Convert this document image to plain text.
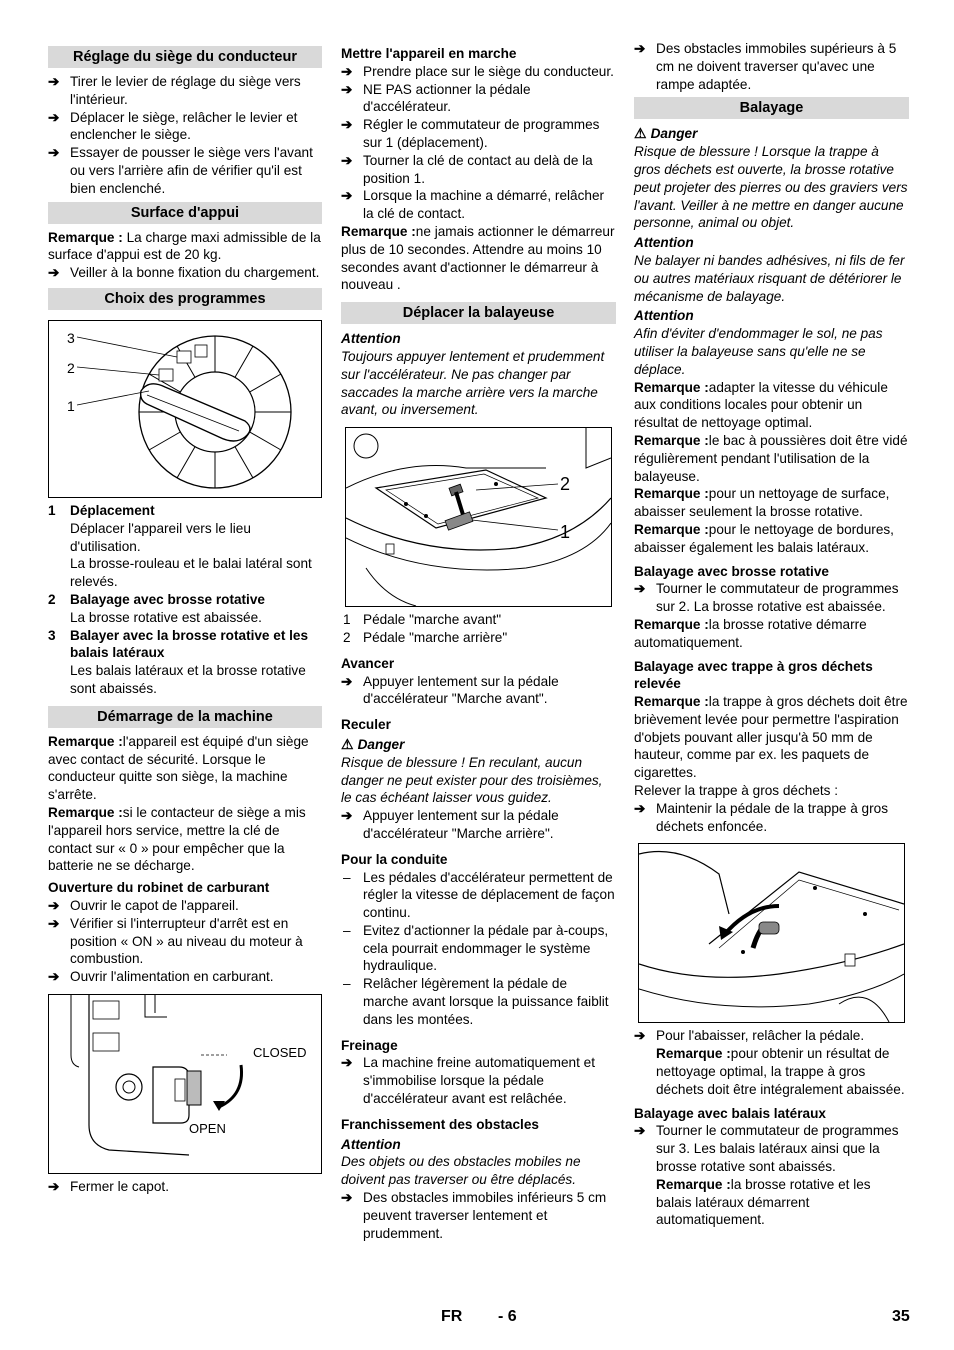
Réglage du siège du conducteur
➔ Tirer le levier de réglage du siège vers l'intérieur.
➔ Déplacer le siège, relâcher le levier et enclencher le siège.
➔ Essayer de pousser le siège vers l'avant ou vers l'arrière afin de vérifier qu'il est bien enclenché.
Surface d'appui

Remarque : La charge maxi admissible de la surface d'appui est de 20 kg.

➔ Veiller à la bonne fixation du chargement.
Choix des programmes
3
2
1
1 Déplacement

Déplacer l'appareil vers le lieu d'utilisation.

La brosse-rouleau et le balai latéral sont relevés.

2 Balayage avec brosse rotative

La brosse rotative est abaissée.

3 Balayer avec la brosse rotative et les balais latéraux

Les balais latéraux et la brosse rotative sont abaissés.

Démarrage de la machine

Remarque :l'appareil est équipé d'un siège avec contact de sécurité. Lorsque le conducteur quitte son siège, la machine s'arrête.

Remarque :si le contacteur de siège a mis l'appareil hors service, mettre la clé de contact sur « 0 » pour empêcher que la batterie ne se décharge.

Ouverture du robinet de carburant

➔ Ouvrir le capot de l'appareil.
➔ Vérifier si l'interrupteur d'arrêt est en position « ON » au niveau du moteur à combustion.
➔ Ouvrir l'alimentation en carburant.
CLOSED
OPEN
➔ Fermer le capot.

Mettre l'appareil en marche

➔ Prendre place sur le siège du conducteur.
➔ NE PAS actionner la pédale d'accélérateur.
➔ Régler le commutateur de programmes sur 1 (déplacement).
➔ Tourner la clé de contact au delà de la position 1.
➔ Lorsque la machine a démarré, relâcher la clé de contact.

Remarque :ne jamais actionner le démarreur plus de 10 secondes. Attendre au moins 10 secondes avant d'actionner le démarreur à nouveau .

Déplacer la balayeuse

Attention

Toujours appuyer lentement et prudemment sur l'accélérateur. Ne pas changer par saccades la marche arrière vers la marche avant, ou inversement.

2
1
1 Pédale "marche avant"
2 Pédale "marche arrière"

Avancer

➔ Appuyer lentement sur la pédale d'accélérateur "Marche avant".

Reculer

⚠ Danger

Risque de blessure ! En reculant, aucun danger ne peut exister pour des troisièmes, le cas échéant laisser vous guidez.

➔ Appuyer lentement sur la pédale d'accélérateur "Marche arrière".

Pour la conduite

– Les pédales d'accélérateur permettent de régler la vitesse de déplacement de façon continu.
– Evitez d'actionner la pédale par à-coups, cela pourrait endommager le système hydraulique.
– Relâcher légèrement la pédale de marche avant lorsque la puissance faiblit dans les montées.

Freinage

➔ La machine freine automatiquement et s'immobilise lorsque la pédale d'accélérateur avant est relâchée.

Franchissement des obstacles

Attention

Des objets ou des obstacles mobiles ne doivent pas traverser ou être déplacés.

➔ Des obstacles immobiles inférieurs 5 cm peuvent traverser lentement et prudemment.
➔ Des obstacles immobiles supérieurs à 5 cm ne doivent traverser qu'avec une rampe adaptée.
Balayage

⚠ Danger

Risque de blessure ! Lorsque la trappe à gros déchets est ouverte, la brosse rotative peut projeter des pierres ou des graviers vers l'avant. Veiller à ne mettre en danger aucune personne, animal ou objet.

Attention

Ne balayer ni bandes adhésives, ni fils de fer ou autres matériaux risquant de détériorer le mécanisme de balayage.

Attention

Afin d'éviter d'endommager le sol, ne pas utiliser la balayeuse sans qu'elle ne se déplace.

Remarque :adapter la vitesse du véhicule aux conditions locales pour obtenir un résultat de nettoyage optimal.

Remarque :le bac à poussières doit être vidé régulièrement pendant l'utilisation de la balayeuse.

Remarque :pour un nettoyage de surface, abaisser seulement la brosse rotative.

Remarque :pour le nettoyage de bordures, abaisser également les balais latéraux.

Balayage avec brosse rotative

➔ Tourner le commutateur de programmes sur 2. La brosse rotative est abaissée.

Remarque :la brosse rotative démarre automatiquement.

Balayage avec trappe à gros déchets relevée

Remarque :la trappe à gros déchets doit être brièvement levée pour permettre l'aspiration d'objets pouvant aller jusqu'à 50 mm de hauteur, comme par ex. les paquets de cigarettes.

Relever la trappe à gros déchets :

➔ Maintenir la pédale de la trappe à gros déchets enfoncée.
➔ Pour l'abaisser, relâcher la pédale.

Remarque :pour obtenir un résultat de nettoyage optimal, la trappe à gros déchets doit être intégralement abaissée.

Balayage avec balais latéraux

➔ Tourner le commutateur de programmes

sur 3. Les balais latéraux ainsi que la brosse rotative sont abaissés.

Remarque :la brosse rotative et les balais latéraux démarrent automatiquement.

FR - 6	35
